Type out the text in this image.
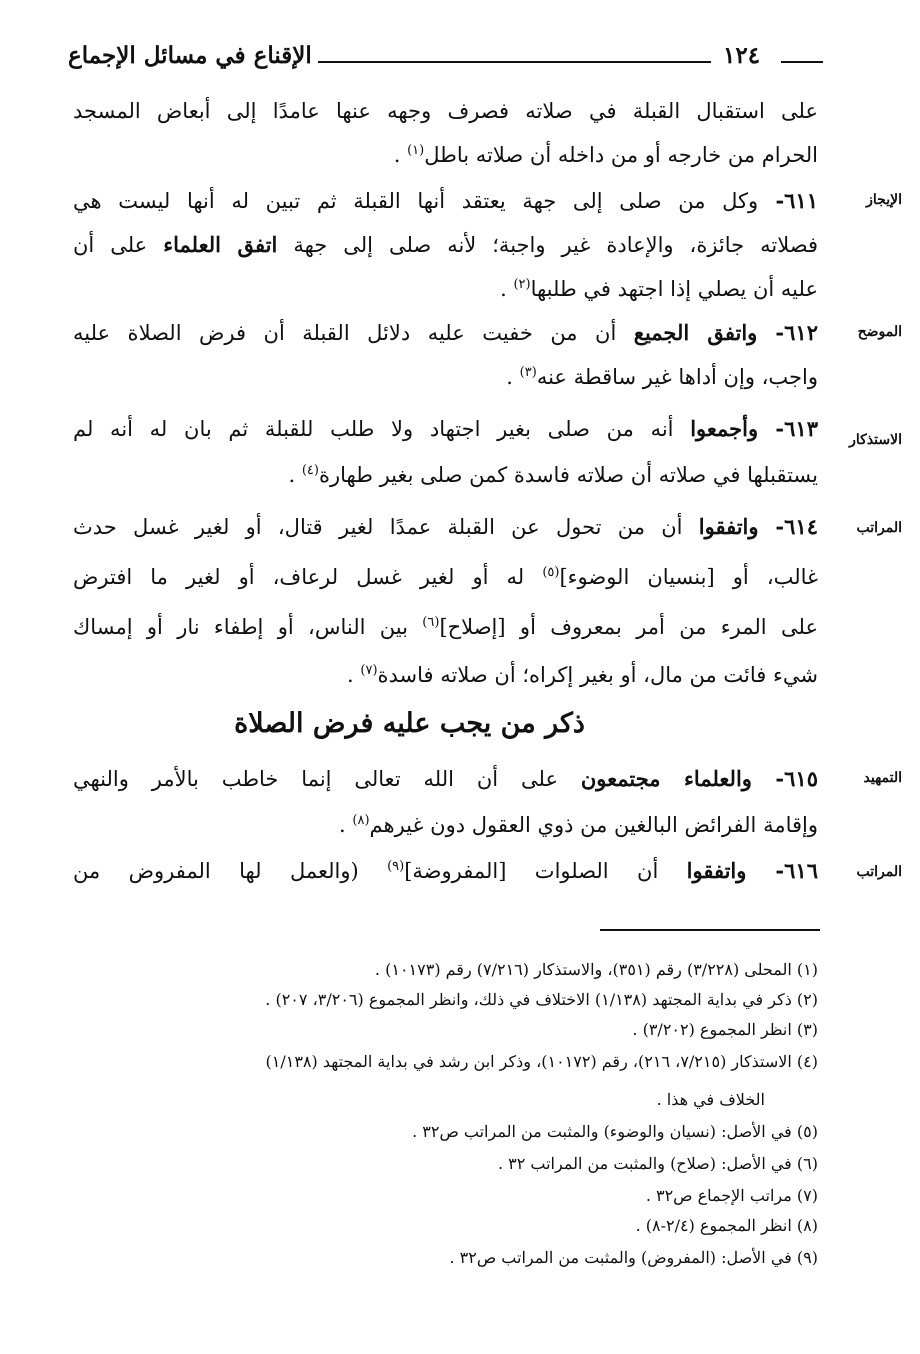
الإقناع في مسائل الإجماع	١٢٤
على استقبال القبلة في صلاته فصرف وجهه عنها عامدًا إلى أبعاض المسجد
الحرام من خارجه أو من داخله أن صلاته باطل$^{(١)}$ .
٦١١- وكل من صلى إلى جهة يعتقد أنها القبلة ثم تبين له أنها ليست هي
فصلاته جائزة، والإعادة غير واجبة؛ لأنه صلى إلى جهة اتفق العلماء على أن
عليه أن يصلي إذا اجتهد في طلبها$^{(٢)}$ .
٦١٢- واتفق الجميع أن من خفيت عليه دلائل القبلة أن فرض الصلاة عليه
واجب، وإن أداها غير ساقطة عنه$^{(٣)}$ .
٦١٣- وأجمعوا أنه من صلى بغير اجتهاد ولا طلب للقبلة ثم بان له أنه لم
يستقبلها في صلاته أن صلاته فاسدة كمن صلى بغير طهارة$^{(٤)}$ .
٦١٤- واتفقوا أن من تحول عن القبلة عمدًا لغير قتال، أو لغير غسل حدث
غالب، أو [بنسيان الوضوء]$^{(٥)}$ له أو لغير غسل لرعاف، أو لغير ما افترض
على المرء من أمر بمعروف أو [إصلاح]$^{(٦)}$ بين الناس، أو إطفاء نار أو إمساك
شيء فائت من مال، أو بغير إكراه؛ أن صلاته فاسدة$^{(٧)}$ .
ذكر من يجب عليه فرض الصلاة
٦١٥- والعلماء مجتمعون على أن الله تعالى إنما خاطب بالأمر والنهي
وإقامة الفرائض البالغين من ذوي العقول دون غيرهم$^{(٨)}$ .
٦١٦- واتفقوا أن الصلوات [المفروضة]$^{(٩)}$ (والعمل لها المفروض من
الإيجاز
الموضح
الاستذكار
المراتب
التمهيد
المراتب
(١) المحلى (٣/٢٢٨) رقم (٣٥١)، والاستذكار (٧/٢١٦) رقم (١٠١٧٣) .
(٢) ذكر في بداية المجتهد (١/١٣٨) الاختلاف في ذلك، وانظر المجموع (٣/٢٠٦، ٢٠٧) .
(٣) انظر المجموع (٣/٢٠٢) .
(٤) الاستذكار (٧/٢١٥، ٢١٦)، رقم (١٠١٧٢)، وذكر ابن رشد في بداية المجتهد (١/١٣٨)
الخلاف في هذا .
(٥) في الأصل: (نسيان والوضوء) والمثبت من المراتب ص٣٢ .
(٦) في الأصل: (صلاح) والمثبت من المراتب ٣٢ .
(٧) مراتب الإجماع ص٣٢ .
(٨) انظر المجموع (٢/٤-٨) .
(٩) في الأصل: (المفروض) والمثبت من المراتب ص٣٢ .
